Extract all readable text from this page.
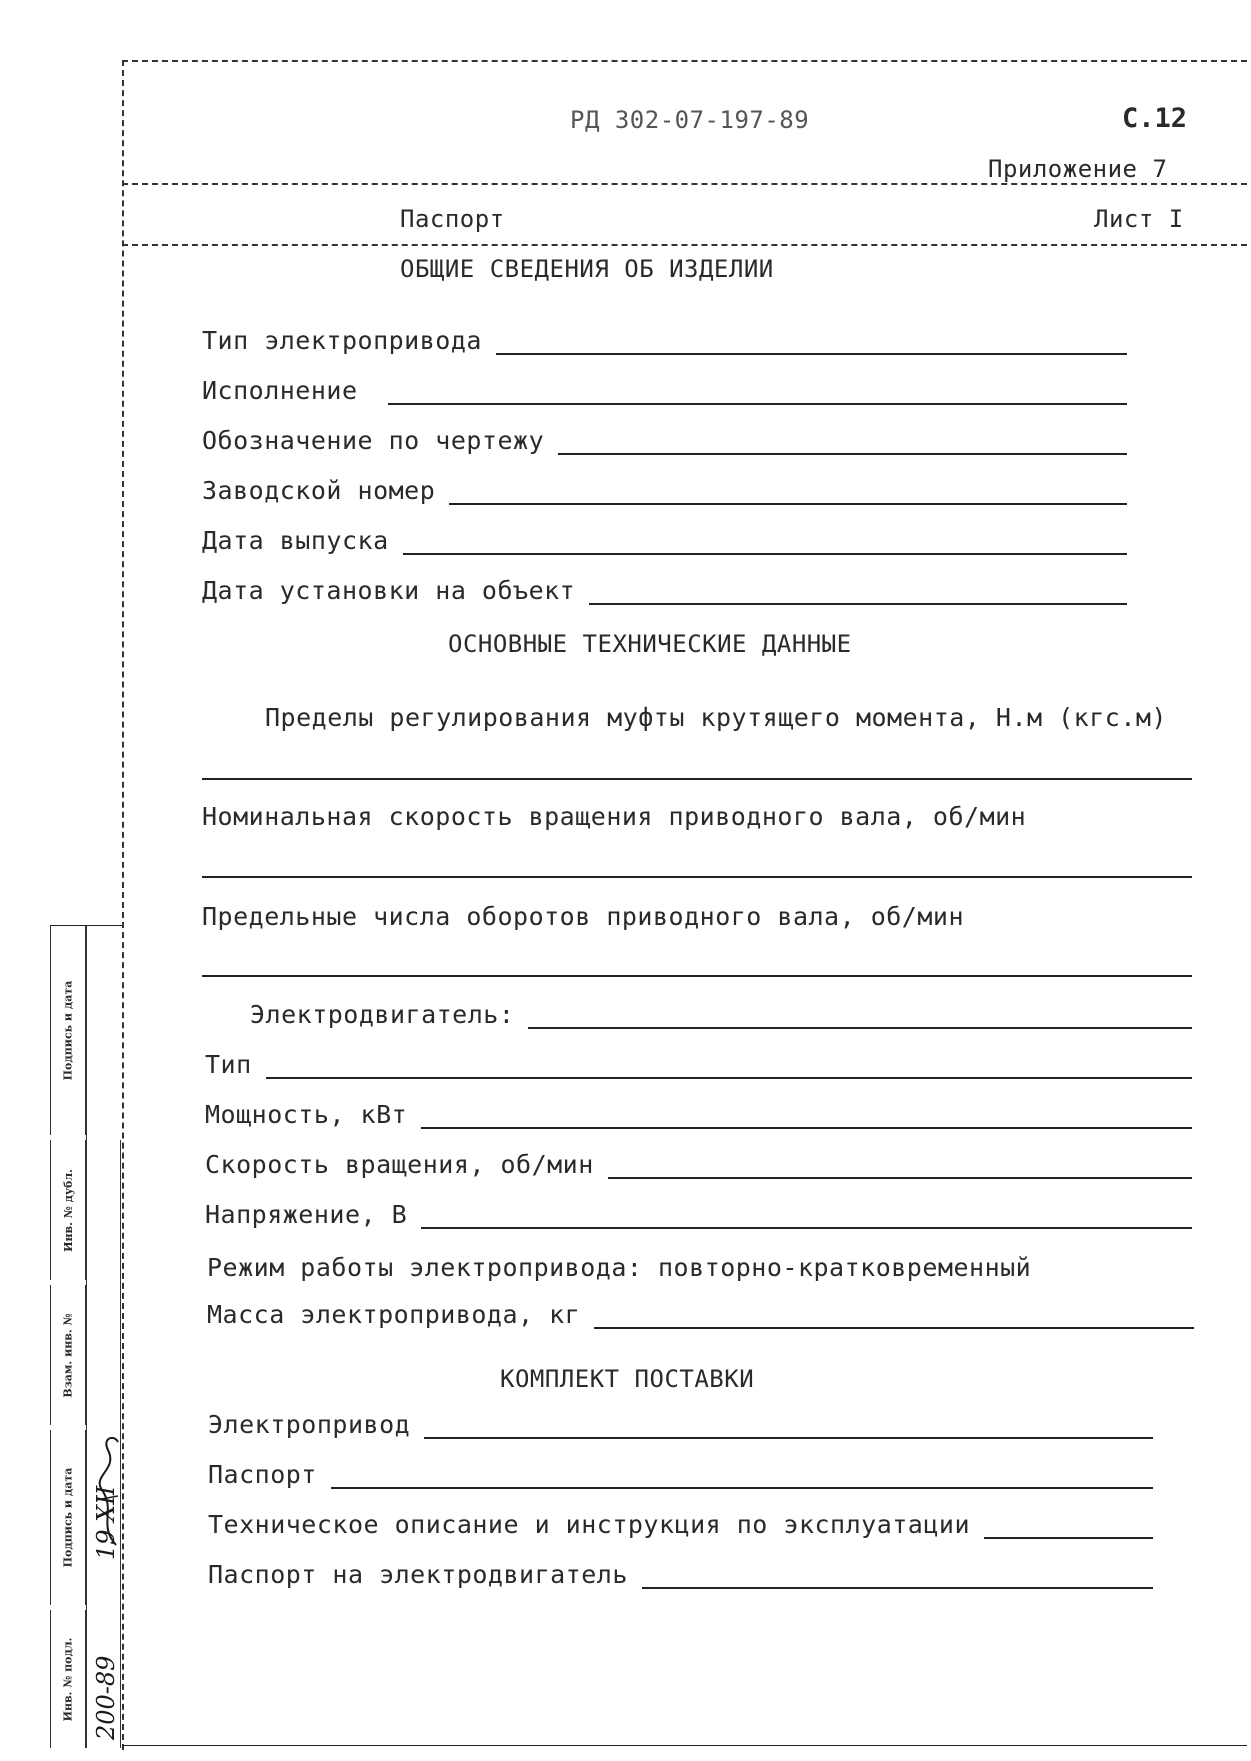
РД 302-07-197-89	С.12
Приложение 7
Паспорт	Лист I
ОБЩИЕ СВЕДЕНИЯ ОБ ИЗДЕЛИИ
Тип электропривода
Исполнение
Обозначение по чертежу
Заводской номер
Дата выпуска
Дата установки на объект
ОСНОВНЫЕ ТЕХНИЧЕСКИЕ ДАННЫЕ
Пределы регулирования муфты крутящего момента, Н.м (кгс.м)
Номинальная скорость вращения приводного вала, об/мин
Предельные числа оборотов приводного вала, об/мин
Электродвигатель:
Тип
Мощность, кВт
Скорость вращения, об/мин
Напряжение, В
Режим работы электропривода: повторно-кратковременный
Масса электропривода, кг
КОМПЛЕКТ ПОСТАВКИ
Электропривод
Паспорт
Техническое описание и инструкция по эксплуатации
Паспорт на электродвигатель
Подпись и дата
Инв. № дубл.
Взам. инв. №
Подпись и дата
Инв. № подл.
19 XII
200-89
